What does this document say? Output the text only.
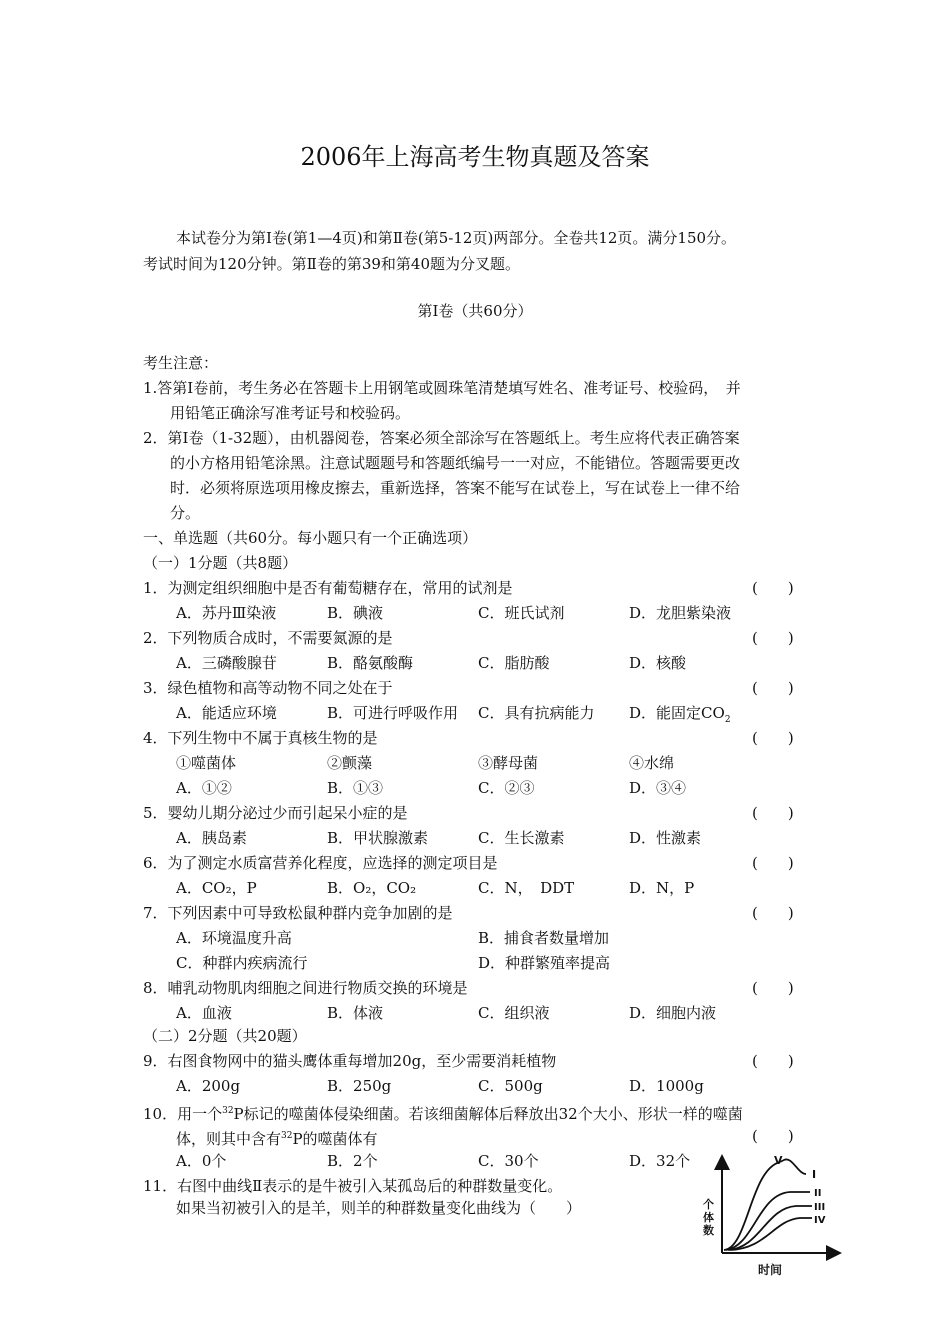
2006年上海高考生物真题及答案
本试卷分为第Ⅰ卷(第1—4页)和第Ⅱ卷(第5-12页)两部分。全卷共12页。满分150分。
考试时间为120分钟。第Ⅱ卷的第39和第40题为分叉题。
第Ⅰ卷（共60分）
考生注意：
1.答第Ⅰ卷前，考生务必在答题卡上用钢笔或圆珠笔清楚填写姓名、准考证号、校验码，　并
用铅笔正确涂写准考证号和校验码。
2．第Ⅰ卷（1-32题），由机器阅卷，答案必须全部涂写在答题纸上。考生应将代表正确答案
的小方格用铅笔涂黑。注意试题题号和答题纸编号一一对应，不能错位。答题需要更改
时．必须将原选项用橡皮擦去，重新选择，答案不能写在试卷上，写在试卷上一律不给
分。
一、单选题（共60分。每小题只有一个正确选项）
（一）1分题（共8题）
1．为测定组织细胞中是否有葡萄糖存在，常用的试剂是	(　　)
A．苏丹Ⅲ染液	B．碘液	C．班氏试剂	D．龙胆紫染液
2．下列物质合成时，不需要氮源的是	(　　)
A．三磷酸腺苷	B．酪氨酸酶	C．脂肪酸	D．核酸
3．绿色植物和高等动物不同之处在于	(　　)
A．能适应环境	B．可进行呼吸作用 C．具有抗病能力 D．能固定$CO_2$
4．下列生物中不属于真核生物的是	(　　)
①噬菌体	②颤藻	③酵母菌	④水绵
A．①②	B．①③	C．②③	D．③④
5．婴幼儿期分泌过少而引起呆小症的是	(　　)
A．胰岛素	B．甲状腺激素	C．生长激素	D．性激素
6．为了测定水质富营养化程度，应选择的测定项目是	(　　)
A．CO₂，P	B．O₂，CO₂	C．N，　DDT	D．N，P
7．下列因素中可导致松鼠种群内竞争加剧的是	(　　)
A．环境温度升高	B．捕食者数量增加
C．种群内疾病流行	D．种群繁殖率提高
8．哺乳动物肌肉细胞之间进行物质交换的环境是	(　　)
A．血液	B．体液	C．组织液	D．细胞内液
（二）2分题（共20题）
9．右图食物网中的猫头鹰体重每增加20g，至少需要消耗植物	(　　)
A．200g	B．250g	C．500g	D．1000g
10．用一个$^{32}$P标记的噬菌体侵染细菌。若该细菌解体后释放出32个大小、形状一样的噬菌
体，则其中含有$^{32}$P的噬菌体有	(　　)
A．0个	B．2个	C．30个	D．32个
11．右图中曲线Ⅱ表示的是牛被引入某孤岛后的种群数量变化。
如果当初被引入的是羊，则羊的种群数量变化曲线为（　　）	个 体 数
时间
V
I
II
III
IV
